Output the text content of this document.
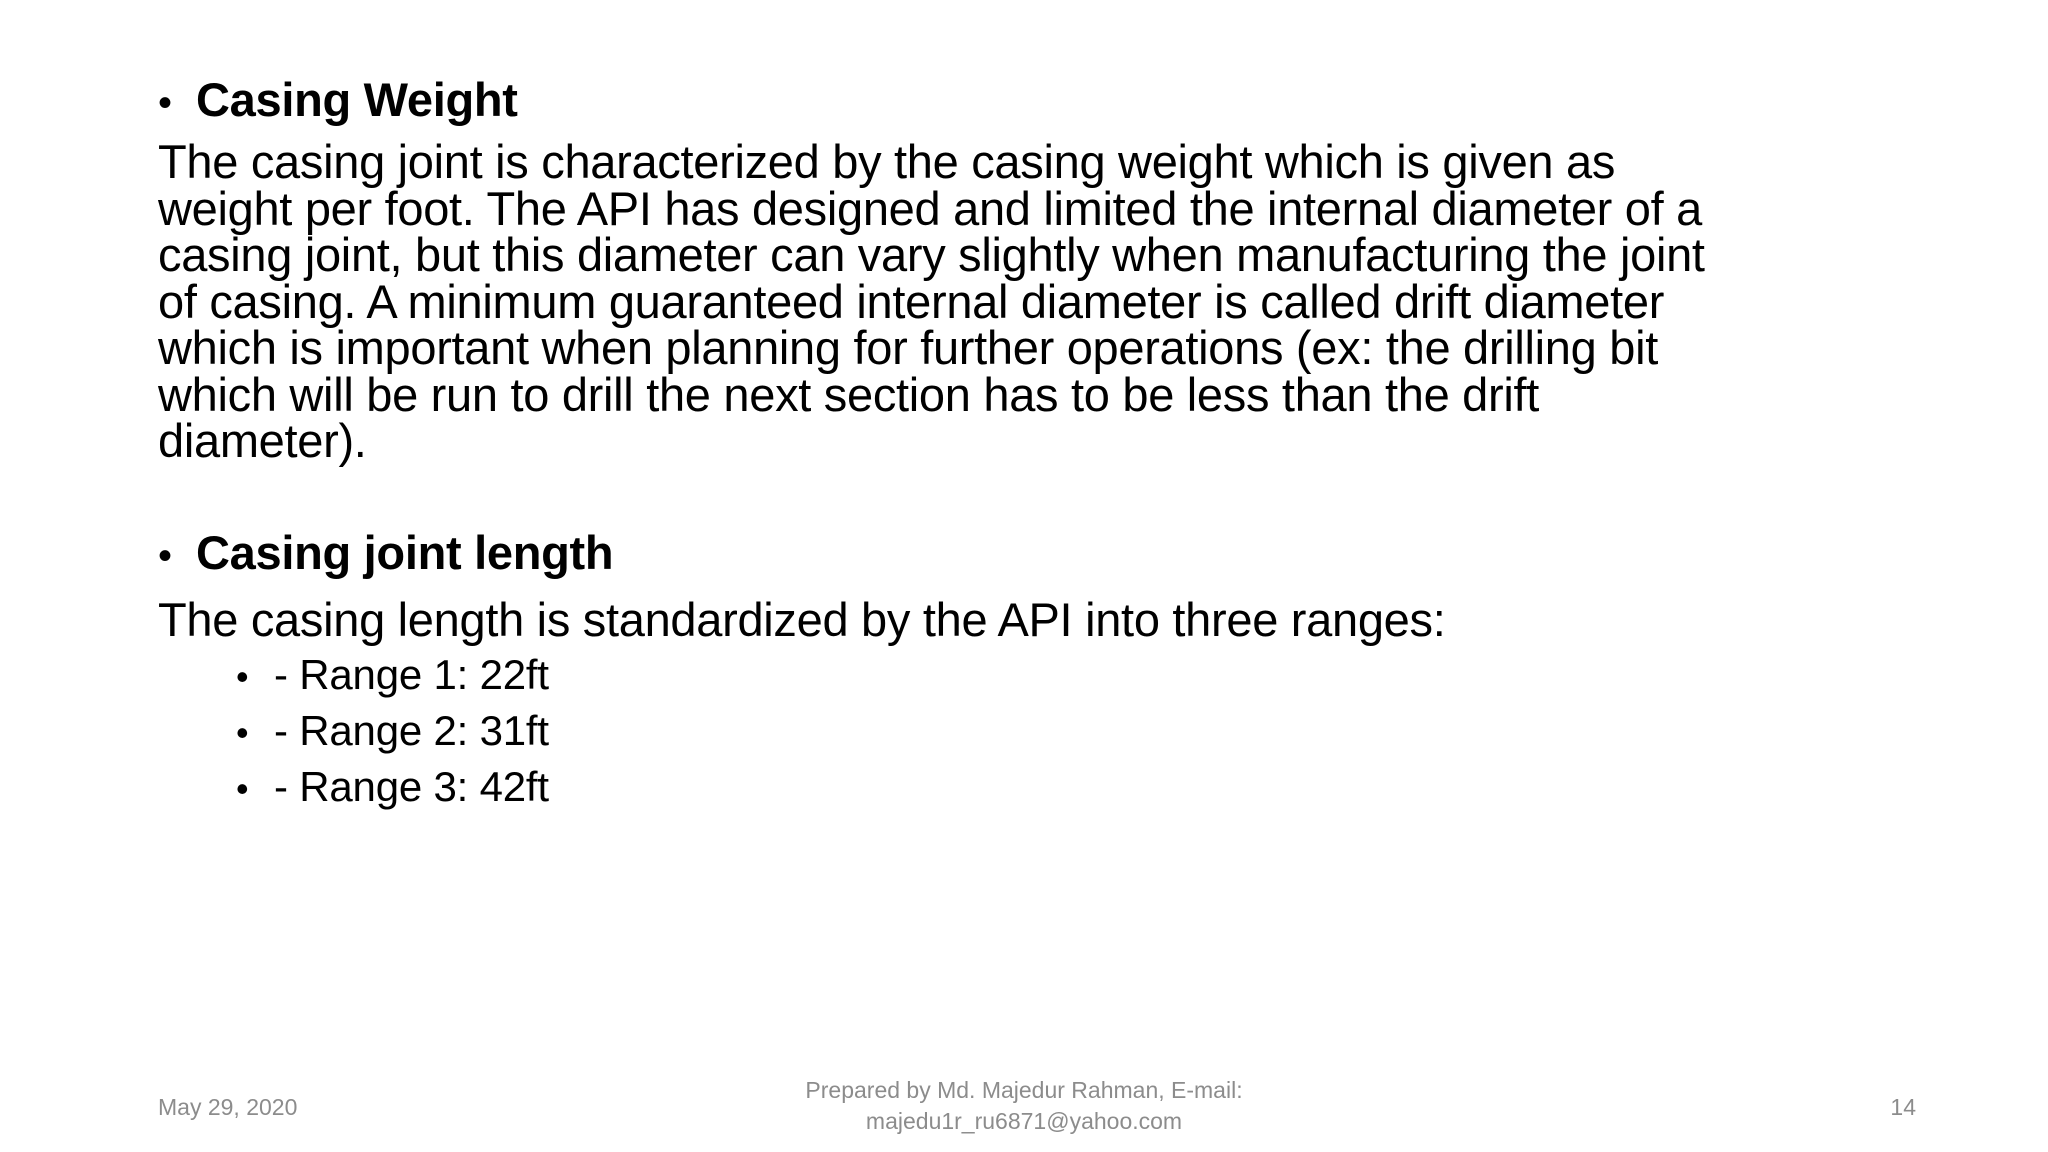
• Casing Weight
The casing joint is characterized by the casing weight which is given as
weight per foot. The API has designed and limited the internal diameter of a
casing joint, but this diameter can vary slightly when manufacturing the joint
of casing. A minimum guaranteed internal diameter is called drift diameter
which is important when planning for further operations (ex: the drilling bit
which will be run to drill the next section has to be less than the drift
diameter).
• Casing joint length
The casing length is standardized by the API into three ranges:
• - Range 1: 22ft
• - Range 2: 31ft
• - Range 3: 42ft
May 29, 2020
Prepared by Md. Majedur Rahman, E-mail:
majedu1r_ru6871@yahoo.com
14
